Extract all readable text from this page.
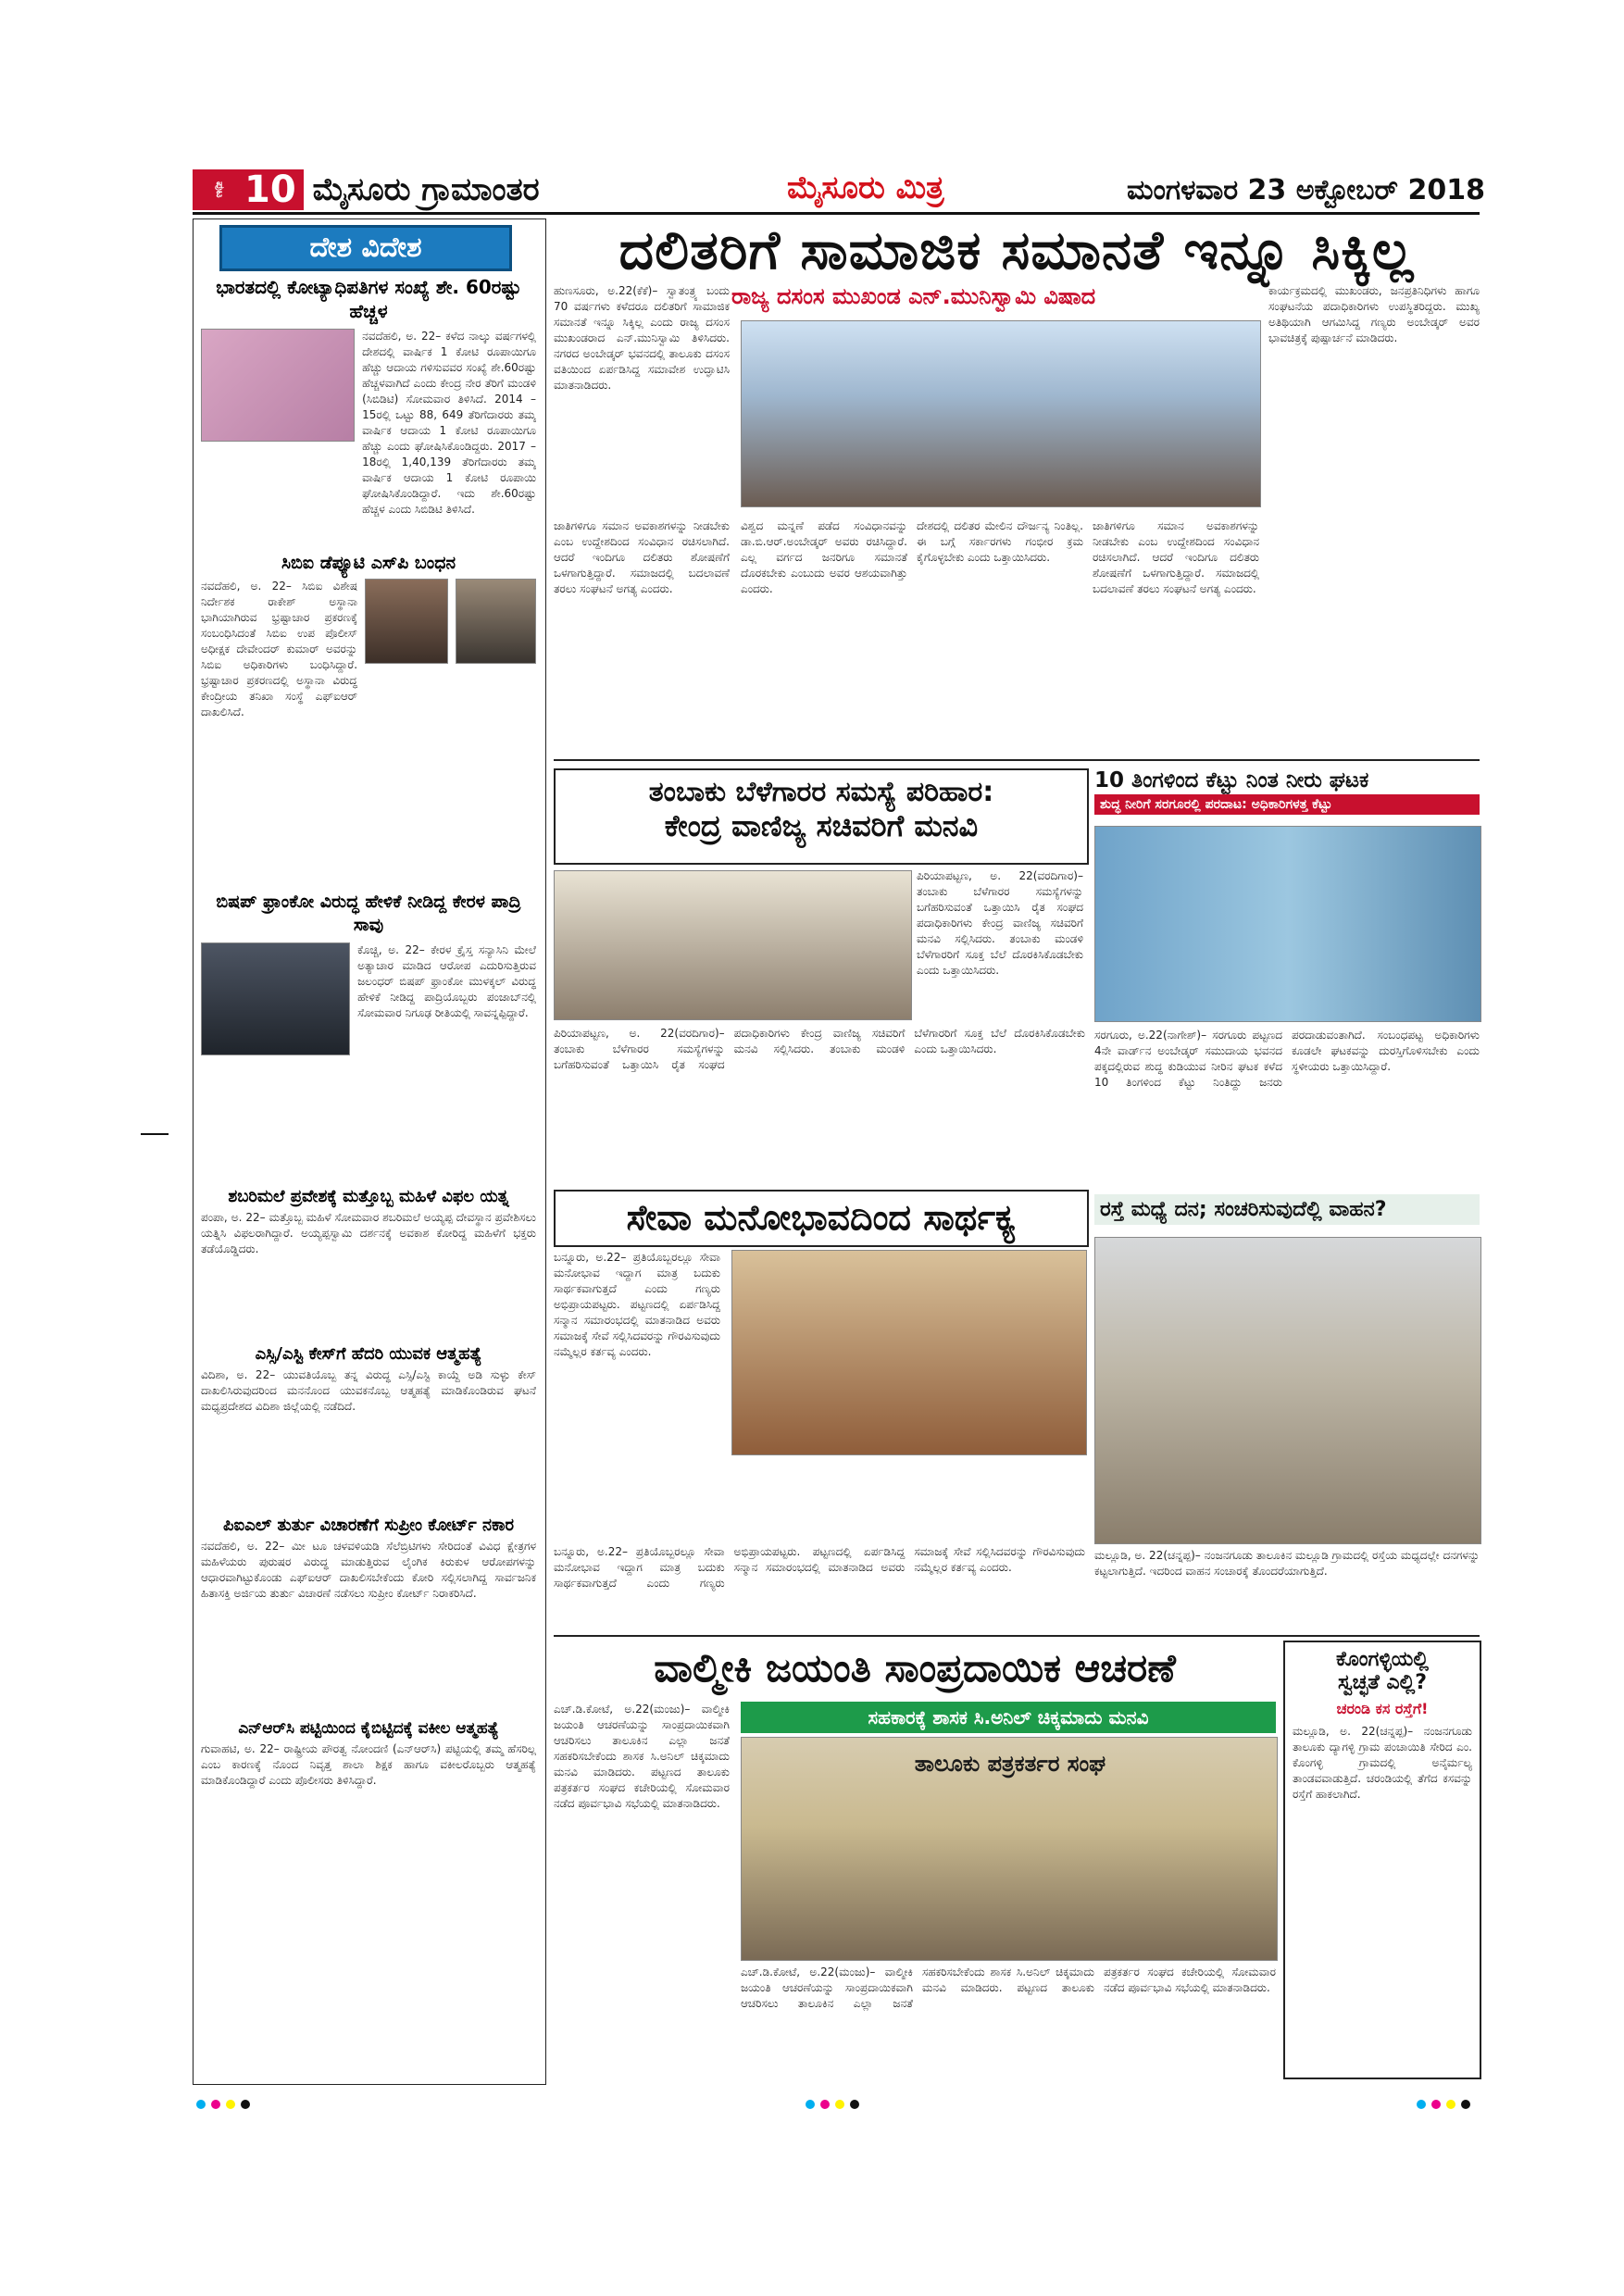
ಪುಟ 10 ಮೈಸೂರು ಗ್ರಾಮಾಂತರ	ಮೈಸೂರು ಮಿತ್ರ	ಮಂಗಳವಾರ 23 ಅಕ್ಟೋಬರ್ 2018
ದೇಶ ವಿದೇಶ
ಭಾರತದಲ್ಲಿ ಕೋಟ್ಯಾಧಿಪತಿಗಳ ಸಂಖ್ಯೆ ಶೇ. 60ರಷ್ಟು ಹೆಚ್ಚಳ
ನವದೆಹಲಿ, ಅ. 22– ಕಳೆದ ನಾಲ್ಕು ವರ್ಷಗಳಲ್ಲಿ ದೇಶದಲ್ಲಿ ವಾರ್ಷಿಕ 1 ಕೋಟಿ ರೂಪಾಯಿಗೂ ಹೆಚ್ಚು ಆದಾಯ ಗಳಿಸುವವರ ಸಂಖ್ಯೆ ಶೇ.60ರಷ್ಟು ಹೆಚ್ಚಳವಾಗಿದೆ ಎಂದು ಕೇಂದ್ರ ನೇರ ತೆರಿಗೆ ಮಂಡಳಿ (ಸಿಬಿಡಿಟಿ) ಸೋಮವಾರ ತಿಳಿಸಿದೆ. 2014 –15ರಲ್ಲಿ ಒಟ್ಟು 88, 649 ತೆರಿಗೆದಾರರು ತಮ್ಮ ವಾರ್ಷಿಕ ಆದಾಯ 1 ಕೋಟಿ ರೂಪಾಯಿಗೂ ಹೆಚ್ಚು ಎಂದು ಘೋಷಿಸಿಕೊಂಡಿದ್ದರು. 2017 –18ರಲ್ಲಿ 1,40,139 ತೆರಿಗೆದಾರರು ತಮ್ಮ ವಾರ್ಷಿಕ ಆದಾಯ 1 ಕೋಟಿ ರೂಪಾಯಿ ಘೋಷಿಸಿಕೊಂಡಿದ್ದಾರೆ. ಇದು ಶೇ.60ರಷ್ಟು ಹೆಚ್ಚಳ ಎಂದು ಸಿಬಿಡಿಟಿ ತಿಳಿಸಿದೆ.
ಸಿಬಿಐ ಡೆಪ್ಯೂಟಿ ಎಸ್‌ಪಿ ಬಂಧನ
ನವದೆಹಲಿ, ಅ. 22– ಸಿಬಿಐ ವಿಶೇಷ ನಿರ್ದೇಶಕ ರಾಕೇಶ್ ಅಸ್ಥಾನಾ ಭಾಗಿಯಾಗಿರುವ ಭ್ರಷ್ಟಾಚಾರ ಪ್ರಕರಣಕ್ಕೆ ಸಂಬಂಧಿಸಿದಂತೆ ಸಿಬಿಐ ಉಪ ಪೊಲೀಸ್ ಅಧೀಕ್ಷಕ ದೇವೇಂದರ್ ಕುಮಾರ್ ಅವರನ್ನು ಸಿಬಿಐ ಅಧಿಕಾರಿಗಳು ಬಂಧಿಸಿದ್ದಾರೆ. ಭ್ರಷ್ಟಾಚಾರ ಪ್ರಕರಣದಲ್ಲಿ ಅಸ್ಥಾನಾ ವಿರುದ್ಧ ಕೇಂದ್ರೀಯ ತನಿಖಾ ಸಂಸ್ಥೆ ಎಫ್‌ಐಆರ್ ದಾಖಲಿಸಿದೆ.
ಬಿಷಪ್ ಫ್ರಾಂಕೋ ವಿರುದ್ಧ ಹೇಳಿಕೆ ನೀಡಿದ್ದ ಕೇರಳ ಪಾದ್ರಿ ಸಾವು
ಕೊಚ್ಚಿ, ಅ. 22– ಕೇರಳ ಕ್ರೈಸ್ತ ಸನ್ಯಾಸಿನಿ ಮೇಲೆ ಅತ್ಯಾಚಾರ ಮಾಡಿದ ಆರೋಪ ಎದುರಿಸುತ್ತಿರುವ ಜಲಂಧರ್ ಬಿಷಪ್ ಫ್ರಾಂಕೋ ಮುಳಕ್ಕಲ್ ವಿರುದ್ಧ ಹೇಳಿಕೆ ನೀಡಿದ್ದ ಪಾದ್ರಿಯೊಬ್ಬರು ಪಂಜಾಬ್‌ನಲ್ಲಿ ಸೋಮವಾರ ನಿಗೂಢ ರೀತಿಯಲ್ಲಿ ಸಾವನ್ನಪ್ಪಿದ್ದಾರೆ.
ಶಬರಿಮಲೆ ಪ್ರವೇಶಕ್ಕೆ ಮತ್ತೊಬ್ಬ ಮಹಿಳೆ ವಿಫಲ ಯತ್ನ
ಪಂಪಾ, ಅ. 22– ಮತ್ತೊಬ್ಬ ಮಹಿಳೆ ಸೋಮವಾರ ಶಬರಿಮಲೆ ಅಯ್ಯಪ್ಪ ದೇವಸ್ಥಾನ ಪ್ರವೇಶಿಸಲು ಯತ್ನಿಸಿ ವಿಫಲರಾಗಿದ್ದಾರೆ. ಅಯ್ಯಪ್ಪಸ್ವಾಮಿ ದರ್ಶನಕ್ಕೆ ಅವಕಾಶ ಕೋರಿದ್ದ ಮಹಿಳೆಗೆ ಭಕ್ತರು ತಡೆಯೊಡ್ಡಿದರು.
ಎಸ್ಸಿ/ಎಸ್ಟಿ ಕೇಸ್‌ಗೆ ಹೆದರಿ ಯುವಕ ಆತ್ಮಹತ್ಯೆ
ವಿದಿಶಾ, ಅ. 22– ಯುವತಿಯೊಬ್ಬ ತನ್ನ ವಿರುದ್ಧ ಎಸ್ಸಿ/ಎಸ್ಟಿ ಕಾಯ್ದೆ ಅಡಿ ಸುಳ್ಳು ಕೇಸ್ ದಾಖಲಿಸಿರುವುದರಿಂದ ಮನನೊಂದ ಯುವಕನೊಬ್ಬ ಆತ್ಮಹತ್ಯೆ ಮಾಡಿಕೊಂಡಿರುವ ಘಟನೆ ಮಧ್ಯಪ್ರದೇಶದ ವಿದಿಶಾ ಜಿಲ್ಲೆಯಲ್ಲಿ ನಡೆದಿದೆ.
ಪಿಐಎಲ್ ತುರ್ತು ವಿಚಾರಣೆಗೆ ಸುಪ್ರೀಂ ಕೋರ್ಟ್ ನಕಾರ
ನವದೆಹಲಿ, ಅ. 22– ಮೀ ಟೂ ಚಳವಳಿಯಡಿ ಸೆಲೆಬ್ರಿಟಿಗಳು ಸೇರಿದಂತೆ ವಿವಿಧ ಕ್ಷೇತ್ರಗಳ ಮಹಿಳೆಯರು ಪುರುಷರ ವಿರುದ್ಧ ಮಾಡುತ್ತಿರುವ ಲೈಂಗಿಕ ಕಿರುಕುಳ ಆರೋಪಗಳನ್ನು ಆಧಾರವಾಗಿಟ್ಟುಕೊಂಡು ಎಫ್‌ಐಆರ್ ದಾಖಲಿಸಬೇಕೆಂದು ಕೋರಿ ಸಲ್ಲಿಸಲಾಗಿದ್ದ ಸಾರ್ವಜನಿಕ ಹಿತಾಸಕ್ತಿ ಅರ್ಜಿಯ ತುರ್ತು ವಿಚಾರಣೆ ನಡೆಸಲು ಸುಪ್ರೀಂ ಕೋರ್ಟ್ ನಿರಾಕರಿಸಿದೆ.
ಎನ್‌ಆರ್‌ಸಿ ಪಟ್ಟಿಯಿಂದ ಕೈಬಿಟ್ಟಿದಕ್ಕೆ ವಕೀಲ ಆತ್ಮಹತ್ಯೆ
ಗುವಾಹಟಿ, ಅ. 22– ರಾಷ್ಟ್ರೀಯ ಪೌರತ್ವ ನೋಂದಣಿ (ಎನ್‌ಆರ್‌ಸಿ) ಪಟ್ಟಿಯಲ್ಲಿ ತಮ್ಮ ಹೆಸರಿಲ್ಲ ಎಂಬ ಕಾರಣಕ್ಕೆ ನೊಂದ ನಿವೃತ್ತ ಶಾಲಾ ಶಿಕ್ಷಕ ಹಾಗೂ ವಕೀಲರೊಬ್ಬರು ಆತ್ಮಹತ್ಯೆ ಮಾಡಿಕೊಂಡಿದ್ದಾರೆ ಎಂದು ಪೊಲೀಸರು ತಿಳಿಸಿದ್ದಾರೆ.
ದಲಿತರಿಗೆ ಸಾಮಾಜಿಕ ಸಮಾನತೆ ಇನ್ನೂ ಸಿಕ್ಕಿಲ್ಲ
ರಾಜ್ಯ ದಸಂಸ ಮುಖಂಡ ಎನ್.ಮುನಿಸ್ವಾಮಿ ವಿಷಾದ
ಹುಣಸೂರು, ಅ.22(ಕೆಕೆ)– ಸ್ವಾತಂತ್ರ್ಯ ಬಂದು 70 ವರ್ಷಗಳು ಕಳೆದರೂ ದಲಿತರಿಗೆ ಸಾಮಾಜಿಕ ಸಮಾನತೆ ಇನ್ನೂ ಸಿಕ್ಕಿಲ್ಲ ಎಂದು ರಾಜ್ಯ ದಸಂಸ ಮುಖಂಡರಾದ ಎನ್.ಮುನಿಸ್ವಾಮಿ ತಿಳಿಸಿದರು. ನಗರದ ಅಂಬೇಡ್ಕರ್ ಭವನದಲ್ಲಿ ತಾಲೂಕು ದಸಂಸ ವತಿಯಿಂದ ಏರ್ಪಡಿಸಿದ್ದ ಸಮಾವೇಶ ಉದ್ಘಾಟಿಸಿ ಮಾತನಾಡಿದರು.
ಕಾರ್ಯಕ್ರಮದಲ್ಲಿ ಮುಖಂಡರು, ಜನಪ್ರತಿನಿಧಿಗಳು ಹಾಗೂ ಸಂಘಟನೆಯ ಪದಾಧಿಕಾರಿಗಳು ಉಪಸ್ಥಿತರಿದ್ದರು. ಮುಖ್ಯ ಅತಿಥಿಯಾಗಿ ಆಗಮಿಸಿದ್ದ ಗಣ್ಯರು ಅಂಬೇಡ್ಕರ್ ಅವರ ಭಾವಚಿತ್ರಕ್ಕೆ ಪುಷ್ಪಾರ್ಚನೆ ಮಾಡಿದರು.
ಜಾತಿಗಳಿಗೂ ಸಮಾನ ಅವಕಾಶಗಳನ್ನು ನೀಡಬೇಕು ಎಂಬ ಉದ್ದೇಶದಿಂದ ಸಂವಿಧಾನ ರಚಿಸಲಾಗಿದೆ. ಆದರೆ ಇಂದಿಗೂ ದಲಿತರು ಶೋಷಣೆಗೆ ಒಳಗಾಗುತ್ತಿದ್ದಾರೆ. ಸಮಾಜದಲ್ಲಿ ಬದಲಾವಣೆ ತರಲು ಸಂಘಟನೆ ಅಗತ್ಯ ಎಂದರು.
ವಿಶ್ವದ ಮನ್ನಣೆ ಪಡೆದ ಸಂವಿಧಾನವನ್ನು ಡಾ.ಬಿ.ಆರ್.ಅಂಬೇಡ್ಕರ್ ಅವರು ರಚಿಸಿದ್ದಾರೆ. ಎಲ್ಲ ವರ್ಗದ ಜನರಿಗೂ ಸಮಾನತೆ ದೊರಕಬೇಕು ಎಂಬುದು ಅವರ ಆಶಯವಾಗಿತ್ತು ಎಂದರು.
ದೇಶದಲ್ಲಿ ದಲಿತರ ಮೇಲಿನ ದೌರ್ಜನ್ಯ ನಿಂತಿಲ್ಲ. ಈ ಬಗ್ಗೆ ಸರ್ಕಾರಗಳು ಗಂಭೀರ ಕ್ರಮ ಕೈಗೊಳ್ಳಬೇಕು ಎಂದು ಒತ್ತಾಯಿಸಿದರು.
ಜಾತಿಗಳಿಗೂ ಸಮಾನ ಅವಕಾಶಗಳನ್ನು ನೀಡಬೇಕು ಎಂಬ ಉದ್ದೇಶದಿಂದ ಸಂವಿಧಾನ ರಚಿಸಲಾಗಿದೆ. ಆದರೆ ಇಂದಿಗೂ ದಲಿತರು ಶೋಷಣೆಗೆ ಒಳಗಾಗುತ್ತಿದ್ದಾರೆ. ಸಮಾಜದಲ್ಲಿ ಬದಲಾವಣೆ ತರಲು ಸಂಘಟನೆ ಅಗತ್ಯ ಎಂದರು.
ತಂಬಾಕು ಬೆಳೆಗಾರರ ಸಮಸ್ಯೆ ಪರಿಹಾರ:
ಕೇಂದ್ರ ವಾಣಿಜ್ಯ ಸಚಿವರಿಗೆ ಮನವಿ
ಪಿರಿಯಾಪಟ್ಟಣ, ಅ. 22(ವರದಿಗಾರ)– ತಂಬಾಕು ಬೆಳೆಗಾರರ ಸಮಸ್ಯೆಗಳನ್ನು ಬಗೆಹರಿಸುವಂತೆ ಒತ್ತಾಯಿಸಿ ರೈತ ಸಂಘದ ಪದಾಧಿಕಾರಿಗಳು ಕೇಂದ್ರ ವಾಣಿಜ್ಯ ಸಚಿವರಿಗೆ ಮನವಿ ಸಲ್ಲಿಸಿದರು. ತಂಬಾಕು ಮಂಡಳಿ ಬೆಳೆಗಾರರಿಗೆ ಸೂಕ್ತ ಬೆಲೆ ದೊರಕಿಸಿಕೊಡಬೇಕು ಎಂದು ಒತ್ತಾಯಿಸಿದರು.
ಪಿರಿಯಾಪಟ್ಟಣ, ಅ. 22(ವರದಿಗಾರ)– ತಂಬಾಕು ಬೆಳೆಗಾರರ ಸಮಸ್ಯೆಗಳನ್ನು ಬಗೆಹರಿಸುವಂತೆ ಒತ್ತಾಯಿಸಿ ರೈತ ಸಂಘದ ಪದಾಧಿಕಾರಿಗಳು ಕೇಂದ್ರ ವಾಣಿಜ್ಯ ಸಚಿವರಿಗೆ ಮನವಿ ಸಲ್ಲಿಸಿದರು. ತಂಬಾಕು ಮಂಡಳಿ ಬೆಳೆಗಾರರಿಗೆ ಸೂಕ್ತ ಬೆಲೆ ದೊರಕಿಸಿಕೊಡಬೇಕು ಎಂದು ಒತ್ತಾಯಿಸಿದರು.
10 ತಿಂಗಳಿಂದ ಕೆಟ್ಟು ನಿಂತ ನೀರು ಘಟಕ
ಶುದ್ಧ ನೀರಿಗೆ ಸರಗೂರಲ್ಲಿ ಪರದಾಟ: ಅಧಿಕಾರಿಗಳತ್ತ ಕೆಟ್ಟು
ಸರಗೂರು, ಅ.22(ನಾಗೇಶ್)– ಸರಗೂರು ಪಟ್ಟಣದ 4ನೇ ವಾರ್ಡ್‌ನ ಅಂಬೇಡ್ಕರ್ ಸಮುದಾಯ ಭವನದ ಪಕ್ಕದಲ್ಲಿರುವ ಶುದ್ಧ ಕುಡಿಯುವ ನೀರಿನ ಘಟಕ ಕಳೆದ 10 ತಿಂಗಳಿಂದ ಕೆಟ್ಟು ನಿಂತಿದ್ದು ಜನರು ಪರದಾಡುವಂತಾಗಿದೆ. ಸಂಬಂಧಪಟ್ಟ ಅಧಿಕಾರಿಗಳು ಕೂಡಲೇ ಘಟಕವನ್ನು ದುರಸ್ತಿಗೊಳಿಸಬೇಕು ಎಂದು ಸ್ಥಳೀಯರು ಒತ್ತಾಯಿಸಿದ್ದಾರೆ.
ಸೇವಾ ಮನೋಭಾವದಿಂದ ಸಾರ್ಥಕ್ಯ
ಬನ್ನೂರು, ಅ.22– ಪ್ರತಿಯೊಬ್ಬರಲ್ಲೂ ಸೇವಾ ಮನೋಭಾವ ಇದ್ದಾಗ ಮಾತ್ರ ಬದುಕು ಸಾರ್ಥಕವಾಗುತ್ತದೆ ಎಂದು ಗಣ್ಯರು ಅಭಿಪ್ರಾಯಪಟ್ಟರು. ಪಟ್ಟಣದಲ್ಲಿ ಏರ್ಪಡಿಸಿದ್ದ ಸನ್ಮಾನ ಸಮಾರಂಭದಲ್ಲಿ ಮಾತನಾಡಿದ ಅವರು ಸಮಾಜಕ್ಕೆ ಸೇವೆ ಸಲ್ಲಿಸಿದವರನ್ನು ಗೌರವಿಸುವುದು ನಮ್ಮೆಲ್ಲರ ಕರ್ತವ್ಯ ಎಂದರು.
ಬನ್ನೂರು, ಅ.22– ಪ್ರತಿಯೊಬ್ಬರಲ್ಲೂ ಸೇವಾ ಮನೋಭಾವ ಇದ್ದಾಗ ಮಾತ್ರ ಬದುಕು ಸಾರ್ಥಕವಾಗುತ್ತದೆ ಎಂದು ಗಣ್ಯರು ಅಭಿಪ್ರಾಯಪಟ್ಟರು. ಪಟ್ಟಣದಲ್ಲಿ ಏರ್ಪಡಿಸಿದ್ದ ಸನ್ಮಾನ ಸಮಾರಂಭದಲ್ಲಿ ಮಾತನಾಡಿದ ಅವರು ಸಮಾಜಕ್ಕೆ ಸೇವೆ ಸಲ್ಲಿಸಿದವರನ್ನು ಗೌರವಿಸುವುದು ನಮ್ಮೆಲ್ಲರ ಕರ್ತವ್ಯ ಎಂದರು.
ರಸ್ತೆ ಮಧ್ಯೆ ದನ; ಸಂಚರಿಸುವುದೆಲ್ಲಿ ವಾಹನ?
ಮಲ್ಲೂಡಿ, ಅ. 22(ಚನ್ನಪ್ಪ)– ನಂಜನಗೂಡು ತಾಲೂಕಿನ ಮಲ್ಲೂಡಿ ಗ್ರಾಮದಲ್ಲಿ ರಸ್ತೆಯ ಮಧ್ಯದಲ್ಲೇ ದನಗಳನ್ನು ಕಟ್ಟಲಾಗುತ್ತಿದೆ. ಇದರಿಂದ ವಾಹನ ಸಂಚಾರಕ್ಕೆ ತೊಂದರೆಯಾಗುತ್ತಿದೆ.
ವಾಲ್ಮೀಕಿ ಜಯಂತಿ ಸಾಂಪ್ರದಾಯಿಕ ಆಚರಣೆ
ಸಹಕಾರಕ್ಕೆ ಶಾಸಕ ಸಿ.ಅನಿಲ್ ಚಿಕ್ಕಮಾದು ಮನವಿ
ಎಚ್.ಡಿ.ಕೋಟೆ, ಅ.22(ಮಂಜು)– ವಾಲ್ಮೀಕಿ ಜಯಂತಿ ಆಚರಣೆಯನ್ನು ಸಾಂಪ್ರದಾಯಿಕವಾಗಿ ಆಚರಿಸಲು ತಾಲೂಕಿನ ಎಲ್ಲಾ ಜನತೆ ಸಹಕರಿಸಬೇಕೆಂದು ಶಾಸಕ ಸಿ.ಅನಿಲ್ ಚಿಕ್ಕಮಾದು ಮನವಿ ಮಾಡಿದರು. ಪಟ್ಟಣದ ತಾಲೂಕು ಪತ್ರಕರ್ತರ ಸಂಘದ ಕಚೇರಿಯಲ್ಲಿ ಸೋಮವಾರ ನಡೆದ ಪೂರ್ವಭಾವಿ ಸಭೆಯಲ್ಲಿ ಮಾತನಾಡಿದರು.
ತಾಲೂಕು ಪತ್ರಕರ್ತರ ಸಂಘ
ಎಚ್.ಡಿ.ಕೋಟೆ, ಅ.22(ಮಂಜು)– ವಾಲ್ಮೀಕಿ ಜಯಂತಿ ಆಚರಣೆಯನ್ನು ಸಾಂಪ್ರದಾಯಿಕವಾಗಿ ಆಚರಿಸಲು ತಾಲೂಕಿನ ಎಲ್ಲಾ ಜನತೆ ಸಹಕರಿಸಬೇಕೆಂದು ಶಾಸಕ ಸಿ.ಅನಿಲ್ ಚಿಕ್ಕಮಾದು ಮನವಿ ಮಾಡಿದರು. ಪಟ್ಟಣದ ತಾಲೂಕು ಪತ್ರಕರ್ತರ ಸಂಘದ ಕಚೇರಿಯಲ್ಲಿ ಸೋಮವಾರ ನಡೆದ ಪೂರ್ವಭಾವಿ ಸಭೆಯಲ್ಲಿ ಮಾತನಾಡಿದರು.
ಕೊಂಗಳ್ಳಿಯಲ್ಲಿ
ಸ್ವಚ್ಛತೆ ಎಲ್ಲಿ?
ಚರಂಡಿ ಕಸ ರಸ್ತೆಗೆ!
ಮಲ್ಲೂಡಿ, ಅ. 22(ಚನ್ನಪ್ಪ)– ನಂಜನಗೂಡು ತಾಲೂಕು ದ್ಯಾಗಳ್ಳಿ ಗ್ರಾಮ ಪಂಚಾಯಿತಿ ಸೇರಿದ ಎಂ. ಕೊಂಗಳ್ಳಿ ಗ್ರಾಮದಲ್ಲಿ ಅನೈರ್ಮಲ್ಯ ತಾಂಡವವಾಡುತ್ತಿದೆ. ಚರಂಡಿಯಲ್ಲಿ ತೆಗೆದ ಕಸವನ್ನು ರಸ್ತೆಗೆ ಹಾಕಲಾಗಿದೆ.
